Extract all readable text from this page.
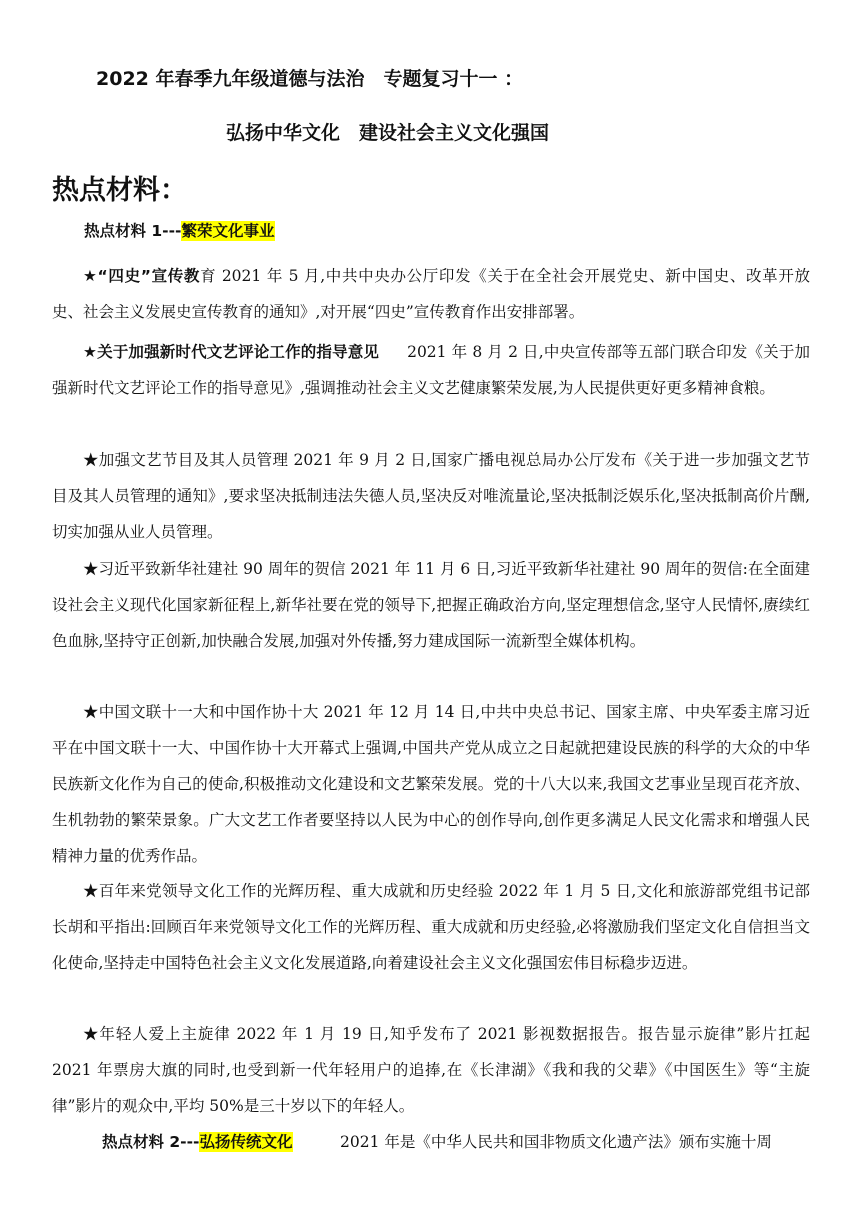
2022 年春季九年级道德与法治　专题复习十一 ：
弘扬中华文化　建设社会主义文化强国
热点材料：
热点材料 1---繁荣文化事业
★“四史”宣传教育 2021 年 5 月,中共中央办公厅印发《关于在全社会开展党史、新中国史、改革开放史、社会主义发展史宣传教育的通知》,对开展“四史”宣传教育作出安排部署。
★关于加强新时代文艺评论工作的指导意见 2021 年 8 月 2 日,中央宣传部等五部门联合印发《关于加强新时代文艺评论工作的指导意见》,强调推动社会主义文艺健康繁荣发展,为人民提供更好更多精神食粮。
★加强文艺节目及其人员管理 2021 年 9 月 2 日,国家广播电视总局办公厅发布《关于进一步加强文艺节目及其人员管理的通知》,要求坚决抵制违法失德人员,坚决反对唯流量论,坚决抵制泛娱乐化,坚决抵制高价片酬,切实加强从业人员管理。
★习近平致新华社建社 90 周年的贺信 2021 年 11 月 6 日,习近平致新华社建社 90 周年的贺信:在全面建设社会主义现代化国家新征程上,新华社要在党的领导下,把握正确政治方向,坚定理想信念,坚守人民情怀,赓续红色血脉,坚持守正创新,加快融合发展,加强对外传播,努力建成国际一流新型全媒体机构。
★中国文联十一大和中国作协十大 2021 年 12 月 14 日,中共中央总书记、国家主席、中央军委主席习近平在中国文联十一大、中国作协十大开幕式上强调,中国共产党从成立之日起就把建设民族的科学的大众的中华民族新文化作为自己的使命,积极推动文化建设和文艺繁荣发展。党的十八大以来,我国文艺事业呈现百花齐放、生机勃勃的繁荣景象。广大文艺工作者要坚持以人民为中心的创作导向,创作更多满足人民文化需求和增强人民精神力量的优秀作品。
★百年来党领导文化工作的光辉历程、重大成就和历史经验 2022 年 1 月 5 日,文化和旅游部党组书记部长胡和平指出:回顾百年来党领导文化工作的光辉历程、重大成就和历史经验,必将激励我们坚定文化自信担当文化使命,坚持走中国特色社会主义文化发展道路,向着建设社会主义文化强国宏伟目标稳步迈进。
★年轻人爱上主旋律 2022 年 1 月 19 日,知乎发布了 2021 影视数据报告。报告显示旋律”影片扛起 2021 年票房大旗的同时,也受到新一代年轻用户的追捧,在《长津湖》《我和我的父辈》《中国医生》等“主旋律”影片的观众中,平均 50%是三十岁以下的年轻人。
热点材料 2---弘扬传统文化	2021 年是《中华人民共和国非物质文化遗产法》颁布实施十周
